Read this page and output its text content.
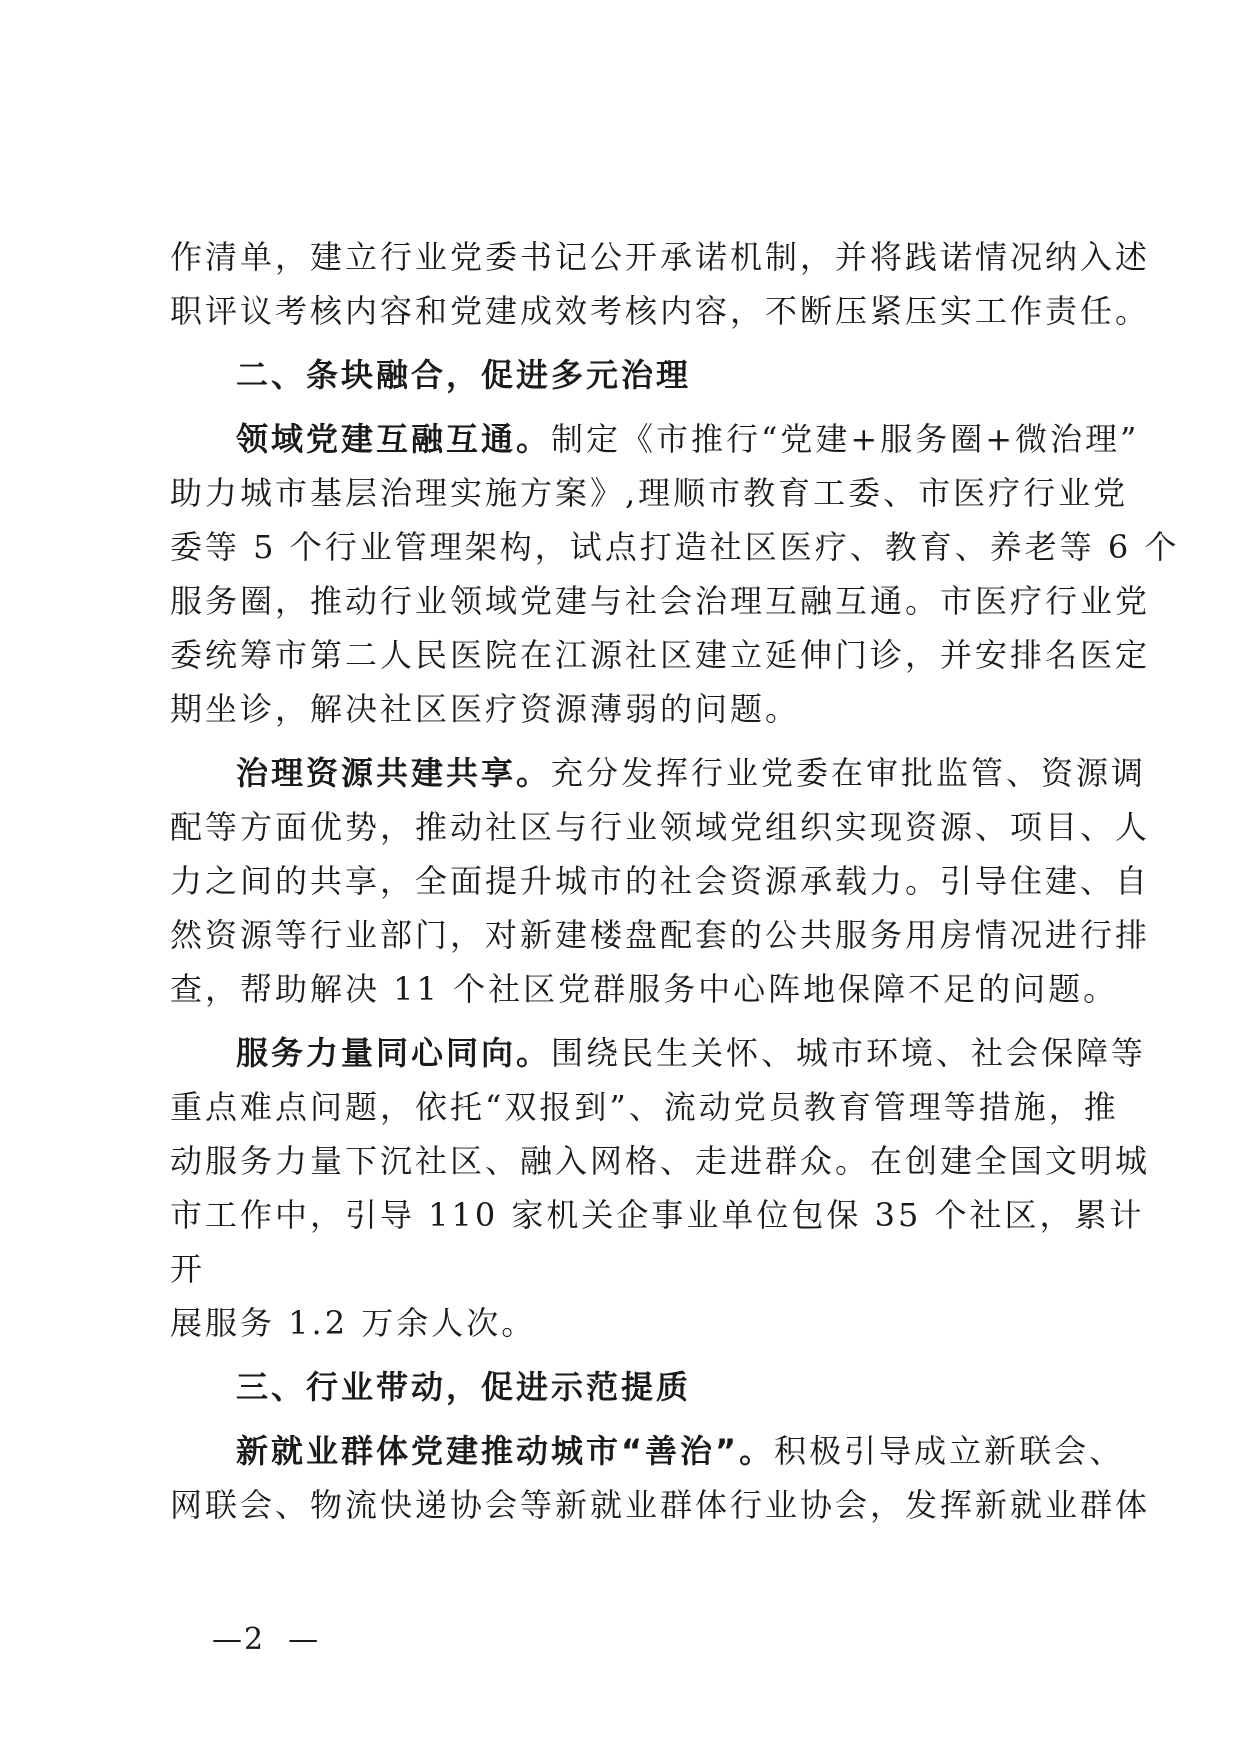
作清单，建立行业党委书记公开承诺机制，并将践诺情况纳入述
职评议考核内容和党建成效考核内容，不断压紧压实工作责任。
二、条块融合，促进多元治理
领域党建互融互通。制定《市推行“党建+服务圈+微治理”
助力城市基层治理实施方案》,理顺市教育工委、市医疗行业党
委等 5 个行业管理架构，试点打造社区医疗、教育、养老等 6 个
服务圈，推动行业领域党建与社会治理互融互通。市医疗行业党
委统筹市第二人民医院在江源社区建立延伸门诊，并安排名医定
期坐诊，解决社区医疗资源薄弱的问题。
治理资源共建共享。充分发挥行业党委在审批监管、资源调
配等方面优势，推动社区与行业领域党组织实现资源、项目、人
力之间的共享，全面提升城市的社会资源承载力。引导住建、自
然资源等行业部门，对新建楼盘配套的公共服务用房情况进行排
查，帮助解决 11 个社区党群服务中心阵地保障不足的问题。
服务力量同心同向。围绕民生关怀、城市环境、社会保障等
重点难点问题，依托“双报到”、流动党员教育管理等措施，推
动服务力量下沉社区、融入网格、走进群众。在创建全国文明城
市工作中，引导 110 家机关企事业单位包保 35 个社区，累计
开
展服务 1.2 万余人次。
三、行业带动，促进示范提质
新就业群体党建推动城市“善治”。积极引导成立新联会、
网联会、物流快递协会等新就业群体行业协会，发挥新就业群体
—2  —
